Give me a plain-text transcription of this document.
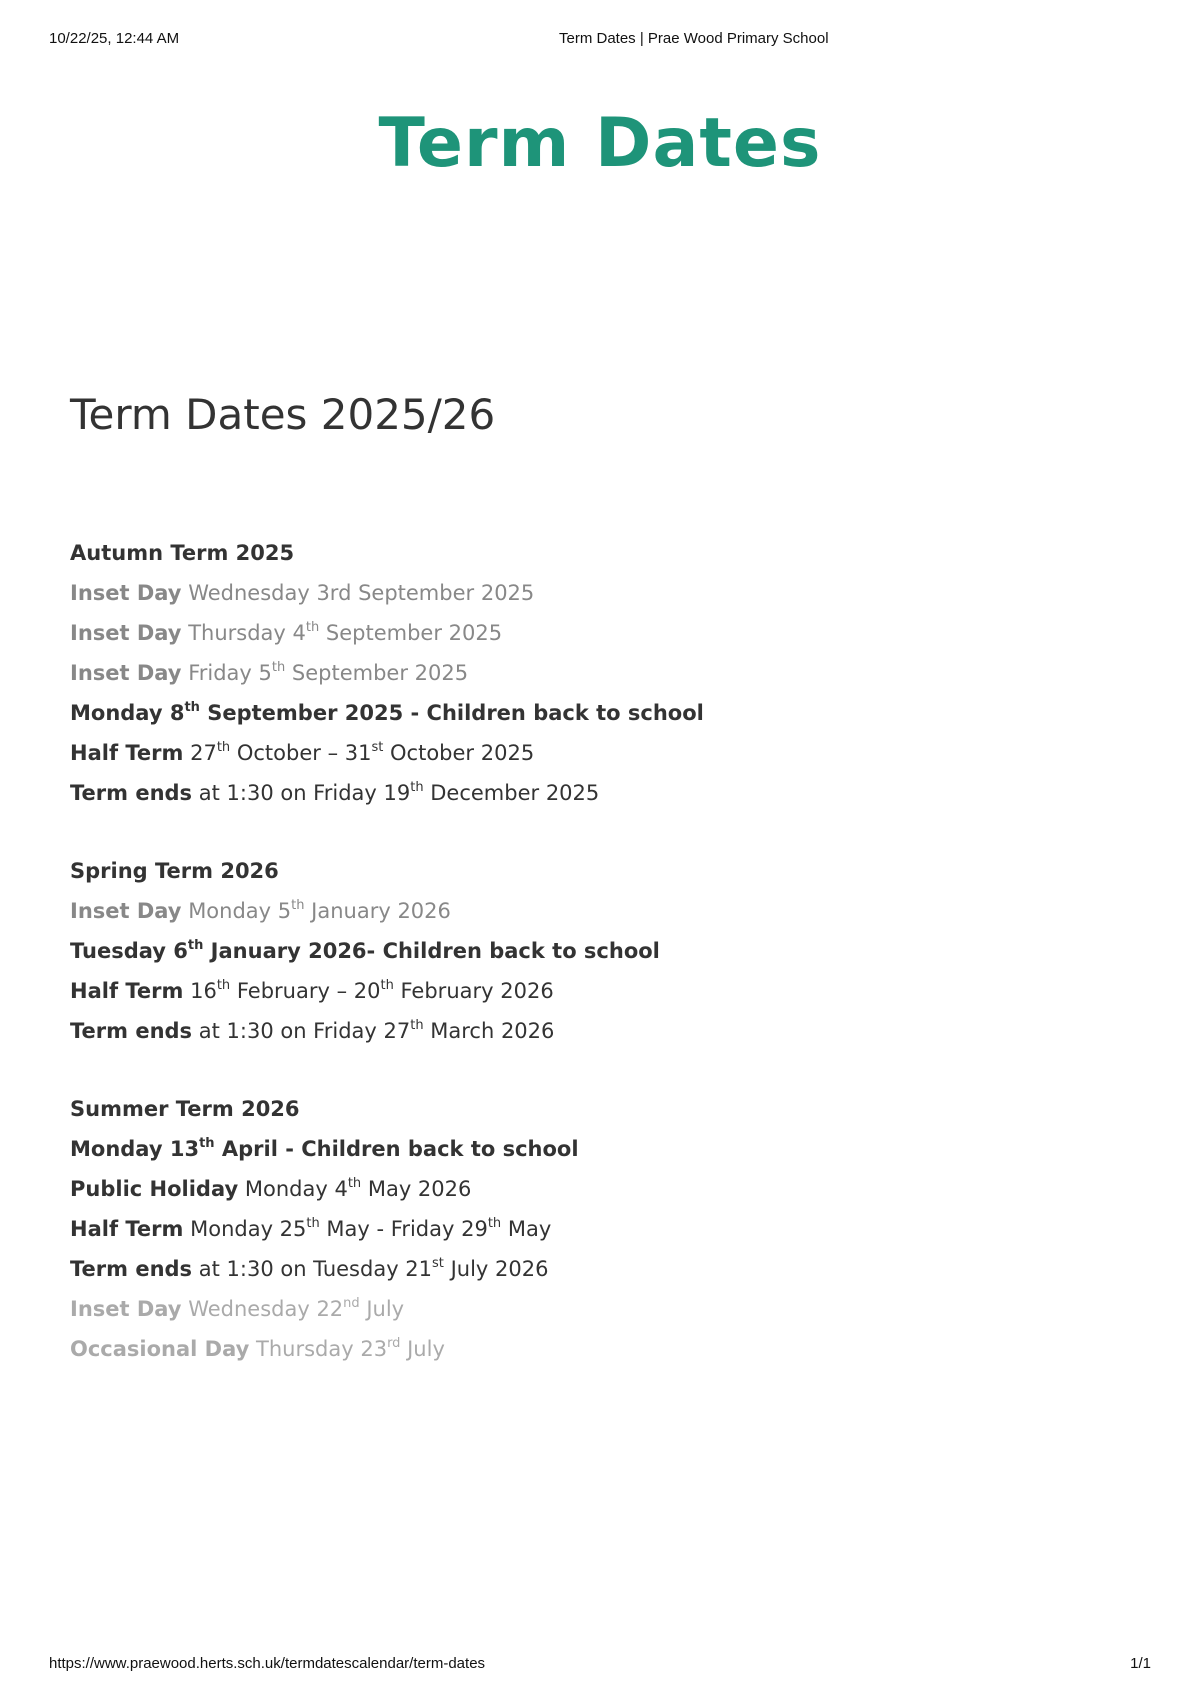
10/22/25, 12:44 AM	Term Dates | Prae Wood Primary School
Term Dates
Term Dates 2025/26
Autumn Term 2025
Inset Day Wednesday 3rd September 2025
Inset Day Thursday 4th September 2025
Inset Day Friday 5th September 2025
Monday 8th September 2025 - Children back to school
Half Term 27th October – 31st October 2025
Term ends at 1:30 on Friday 19th December 2025
Spring Term 2026
Inset Day Monday 5th January 2026
Tuesday 6th January 2026- Children back to school
Half Term 16th February – 20th February 2026
Term ends at 1:30 on Friday 27th March 2026
Summer Term 2026
Monday 13th April - Children back to school
Public Holiday Monday 4th May 2026
Half Term Monday 25th May - Friday 29th May
Term ends at 1:30 on Tuesday 21st July 2026
Inset Day Wednesday 22nd July
Occasional Day Thursday 23rd July
https://www.praewood.herts.sch.uk/termdatescalendar/term-dates	1/1
